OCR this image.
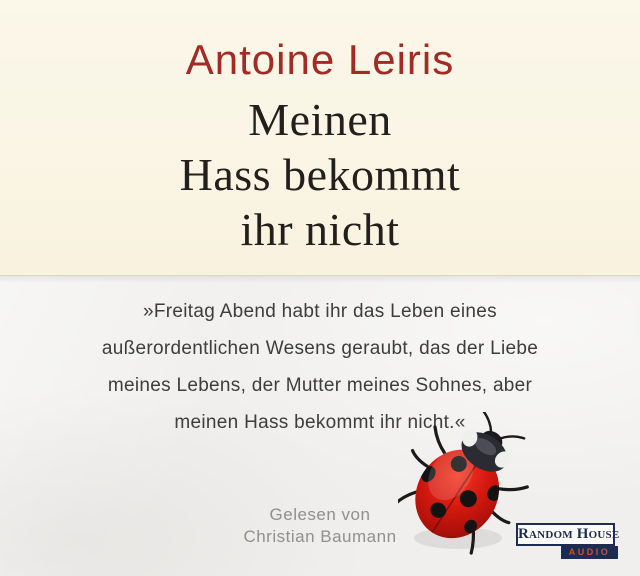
Antoine Leiris
Meinen
Hass bekommt
ihr nicht
»Freitag Abend habt ihr das Leben eines
außerordentlichen Wesens geraubt, das der Liebe
meines Lebens, der Mutter meines Sohnes, aber
meinen Hass bekommt ihr nicht.«
Gelesen von
Christian Baumann	Random House
AUDIO
